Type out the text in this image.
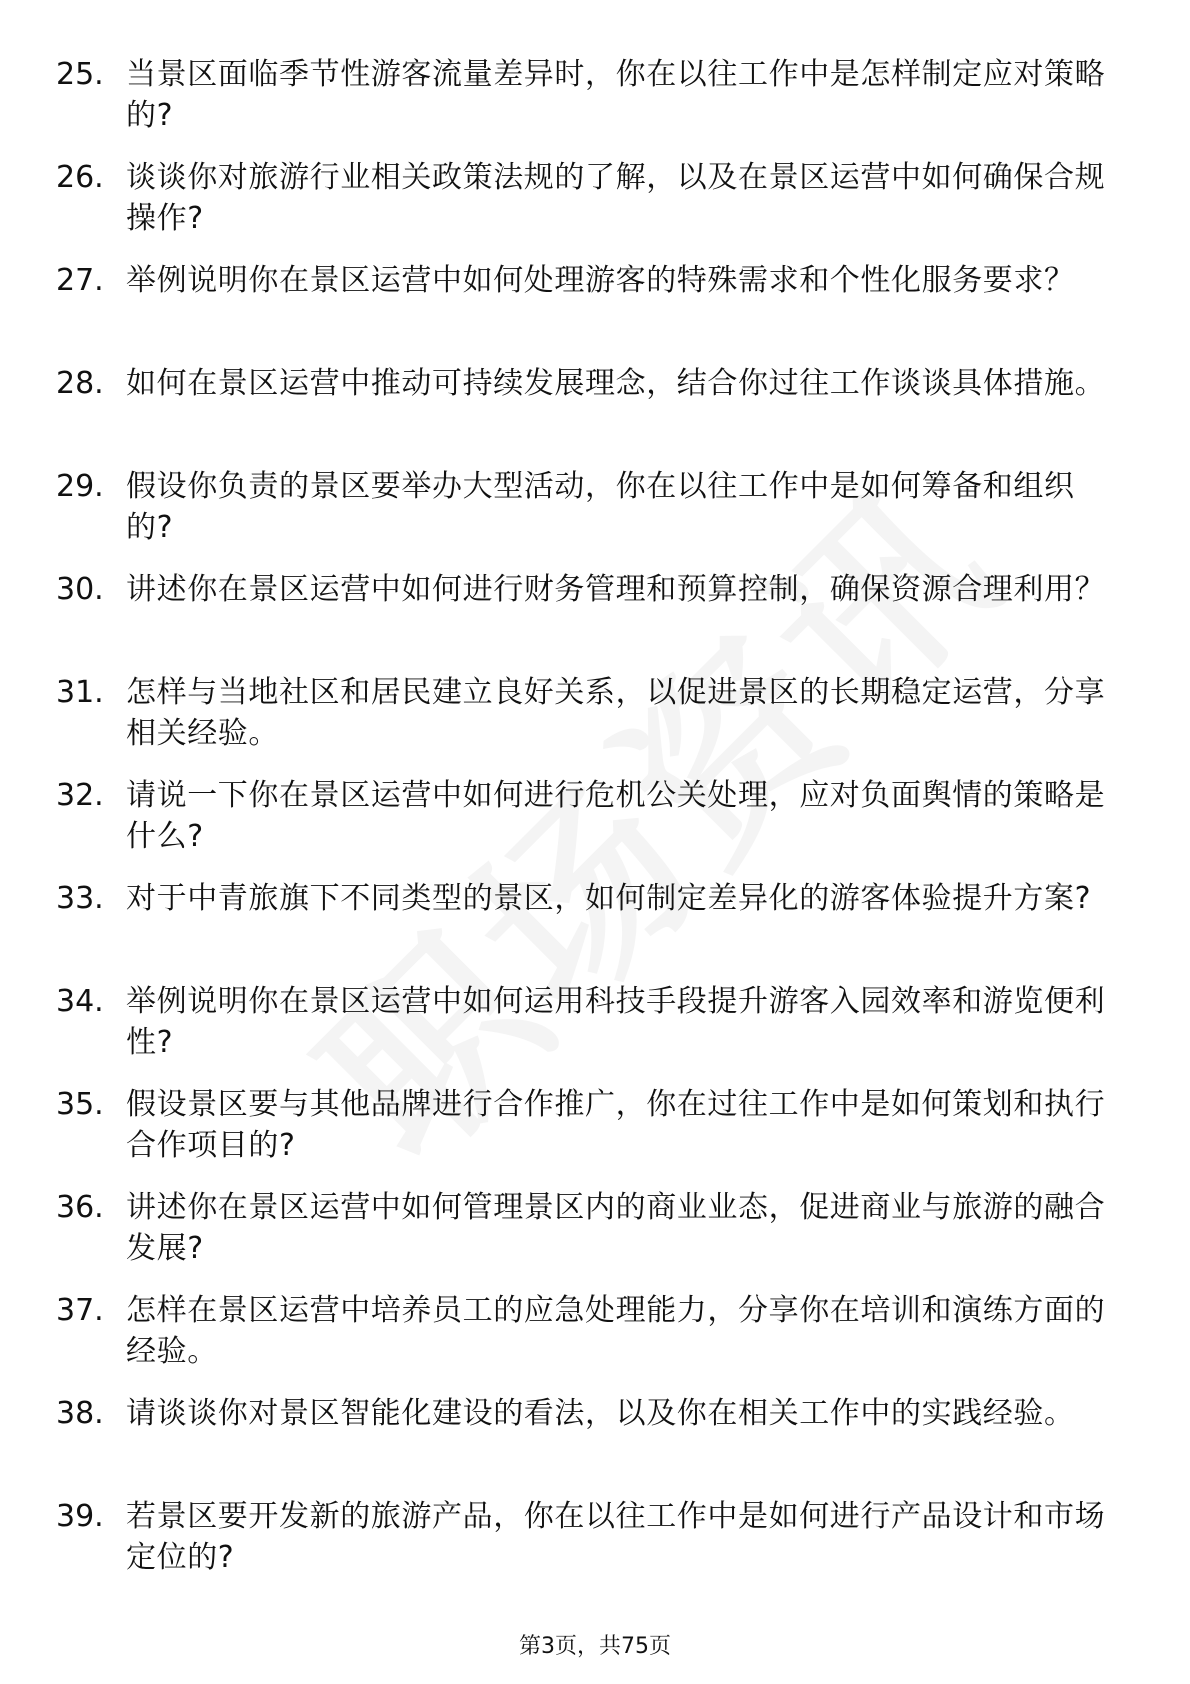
25. 当景区面临季节性游客流量差异时，你在以往工作中是怎样制定应对策略的?
26. 谈谈你对旅游行业相关政策法规的了解，以及在景区运营中如何确保合规操作?
27. 举例说明你在景区运营中如何处理游客的特殊需求和个性化服务要求？
28. 如何在景区运营中推动可持续发展理念，结合你过往工作谈谈具体措施。
29. 假设你负责的景区要举办大型活动，你在以往工作中是如何筹备和组织的?
30. 讲述你在景区运营中如何进行财务管理和预算控制，确保资源合理利用？
31. 怎样与当地社区和居民建立良好关系，以促进景区的长期稳定运营，分享相关经验。
32. 请说一下你在景区运营中如何进行危机公关处理，应对负面舆情的策略是什么?
33. 对于中青旅旗下不同类型的景区，如何制定差异化的游客体验提升方案?
34. 举例说明你在景区运营中如何运用科技手段提升游客入园效率和游览便利性?
35. 假设景区要与其他品牌进行合作推广，你在过往工作中是如何策划和执行合作项目的?
36. 讲述你在景区运营中如何管理景区内的商业业态，促进商业与旅游的融合发展?
37. 怎样在景区运营中培养员工的应急处理能力，分享你在培训和演练方面的经验。
38. 请谈谈你对景区智能化建设的看法，以及你在相关工作中的实践经验。
39. 若景区要开发新的旅游产品，你在以往工作中是如何进行产品设计和市场定位的?
第3页，共75页
